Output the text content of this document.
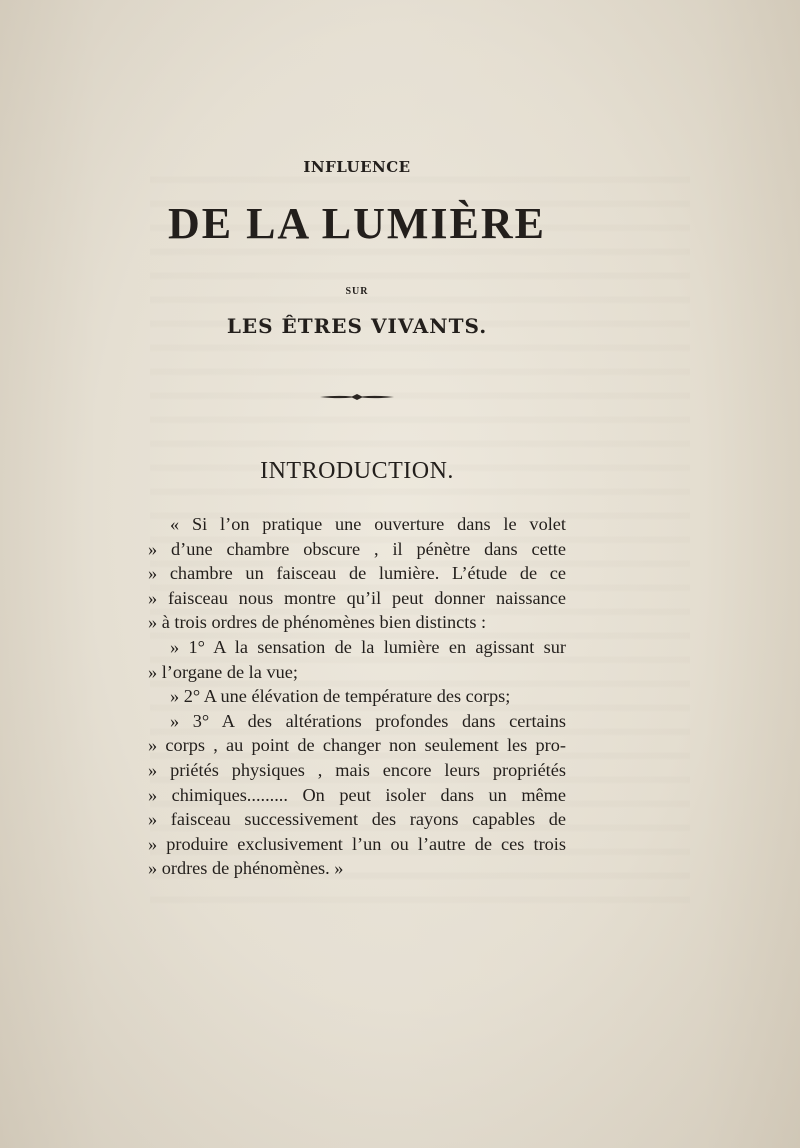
INFLUENCE
DE LA LUMIÈRE
SUR
LES ÊTRES VIVANTS.
INTRODUCTION.
« Si l’on pratique une ouverture dans le volet
» d’une chambre obscure , il pénètre dans cette
» chambre un faisceau de lumière. L’étude de ce
» faisceau nous montre qu’il peut donner naissance
» à trois ordres de phénomènes bien distincts :
» 1° A la sensation de la lumière en agissant sur
» l’organe de la vue;
» 2° A une élévation de température des corps;
» 3° A des altérations profondes dans certains
» corps , au point de changer non seulement les pro-
» priétés physiques , mais encore leurs propriétés
» chimiques......... On peut isoler dans un même
» faisceau successivement des rayons capables de
» produire exclusivement l’un ou l’autre de ces trois
» ordres de phénomènes. »
